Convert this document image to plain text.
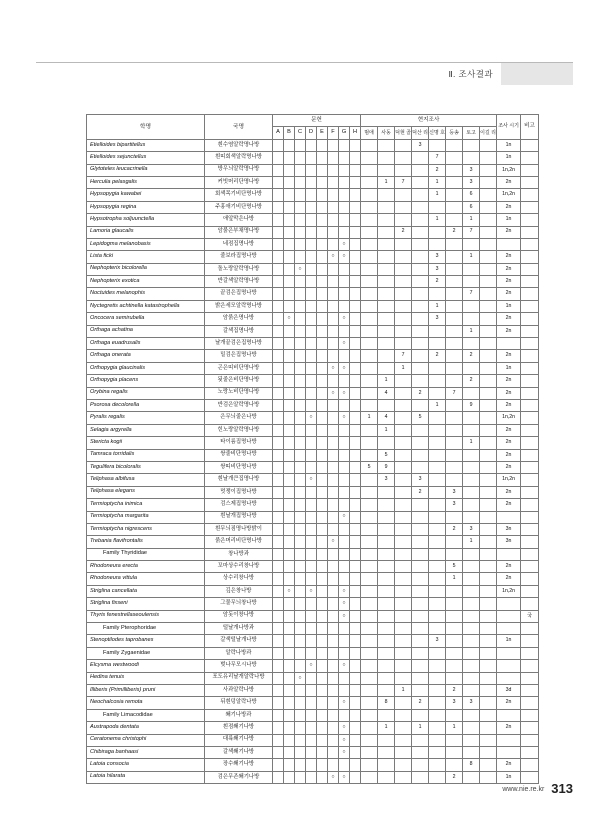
Ⅱ. 조사결과
학명	국명	문헌								현지조사								조사 시기	비고
		A	B	C	D	E	F	G	H	범애	사동	덕현 골	덕산 리	신명 호	등송	토고	이길 리		
Etielloides bipartitellus	흰수염알락명나방												3					1n	
Etielloides sejunctellus	흰띠회색알락명나방													7				1n	
Glytoteles leucacrinella	방우늬알락명나방													2		3		1n,2n	
Herculia pelasgalis	커빗머리단명나방										1	7		1		3		2n	
Hypsopygia kawabei	회색목기비단명나방													1		6		1n,2n	
Hypsopygia regina	주홍애기비단명나방															6		2n	
Hypsotropha soljuunctella	애앞막은나방													1		1		1n	
Lamoria glaucalis	암붉은부채명나방											2			2	7		2n	
Lepidogma melanobasis	네점집명나방							○											
Lista ficki	줄보라집명나방						○	○						3		1		2n	
Nephopterix bicolorella	돌노랑알락명나방			○										3				2n	
Nephopterix exotica	반갈색알락명나방													2				2n	
Noctuides melanophis	끝검은집명나방															7		2n	
Nyctegretis achtinella katastrophella	밝은세모알락명나방													1				1n	
Oncocera semirubella	암붉은명나방		○					○						3				2n	
Orthaga achatina	갈색집명나방															1		2n	
Orthaga euadrusalis	날개끝검은집명나방							○											
Orthaga onerata	밀검은집명나방											7		2		2		2n	
Orthopygia glaucinalis	곤은띠비단명나방						○	○				1						1n	
Orthopygia placens	됫줄은비단명나방										1					2		2n	
Orybina regalis	노랑노비단명나방						○	○			4		2		7			2n	
Psorosa decolorella	반검은알락명나방													1		9		2n	
Pyralis regalis	은무늬줄은나방				○			○		1	4		5					1n,2n	
Selagia argyrella	힌노랑알락명나방										1							2n	
Stericta kogii	타이름집명나방															1		2n	
Tamraca torridalis	쌍줄비단명나방										5							2n	
Tegulifera bicoloralis	쌍띠비단명나방									5	9							2n	
Teliphasa albifusa	흰날개큰집명나방				○						3		3					1n,2n	
Teliphasa elegans	멋쟁이집명나방												2		3			2n	
Termioptycha inimica	검스제집명나방														3			2n	
Termioptycha margarita	흰날개집명나방							○											
Termioptycha nigrescens	흰무늬짐명나방밝이														2	3		3n	
Trebania flavifrontalis	붉은머리비단명나방						○									1		3n	
Family Thyrididae	창나방과																		
Rhodoneura erecta	꼬마상수리창나방														5			2n	
Rhodoneura vittula	상수리창나방														1			2n	
Striglina cancellata	깊은창나방		○		○			○										1n,2n	
Striglina fixseni	그물무늬창나방							○											
Thyris fenestrellaseoulensis	암돗이창나방							○											국
Family Pterophoridae	털날개나방과																		
Stenoptilodes taprobanes	갈색털날개나방													3				1n	
Family Zygaenidae	알락나방과																		
Elcysma westwoodi	벚나무모시나방				○			○											
Hedina tenuis	포도유리날개알락나방			○															
Illiberis (Primilliberis) pruni	사과알락나방											1			2			3d	
Neochalcosia remota	뒤흰덩알락나방							○			8		2		3	3		2n	
Family Limacodidae	쐐기나방과																		
Austrapoda dentata	흰점쐐기나방							○			1		1		1			2n	
Ceratonema christophi	대륙쐐기나방							○											
Chibiraga banhaasi	갈색쐐기나방							○											
Latoia consocia	장수쐐기나방															8		2n	
Latoia hilarata	검은무존쐐기나방						○	○							2			1n	
www.nie.re.kr 313
